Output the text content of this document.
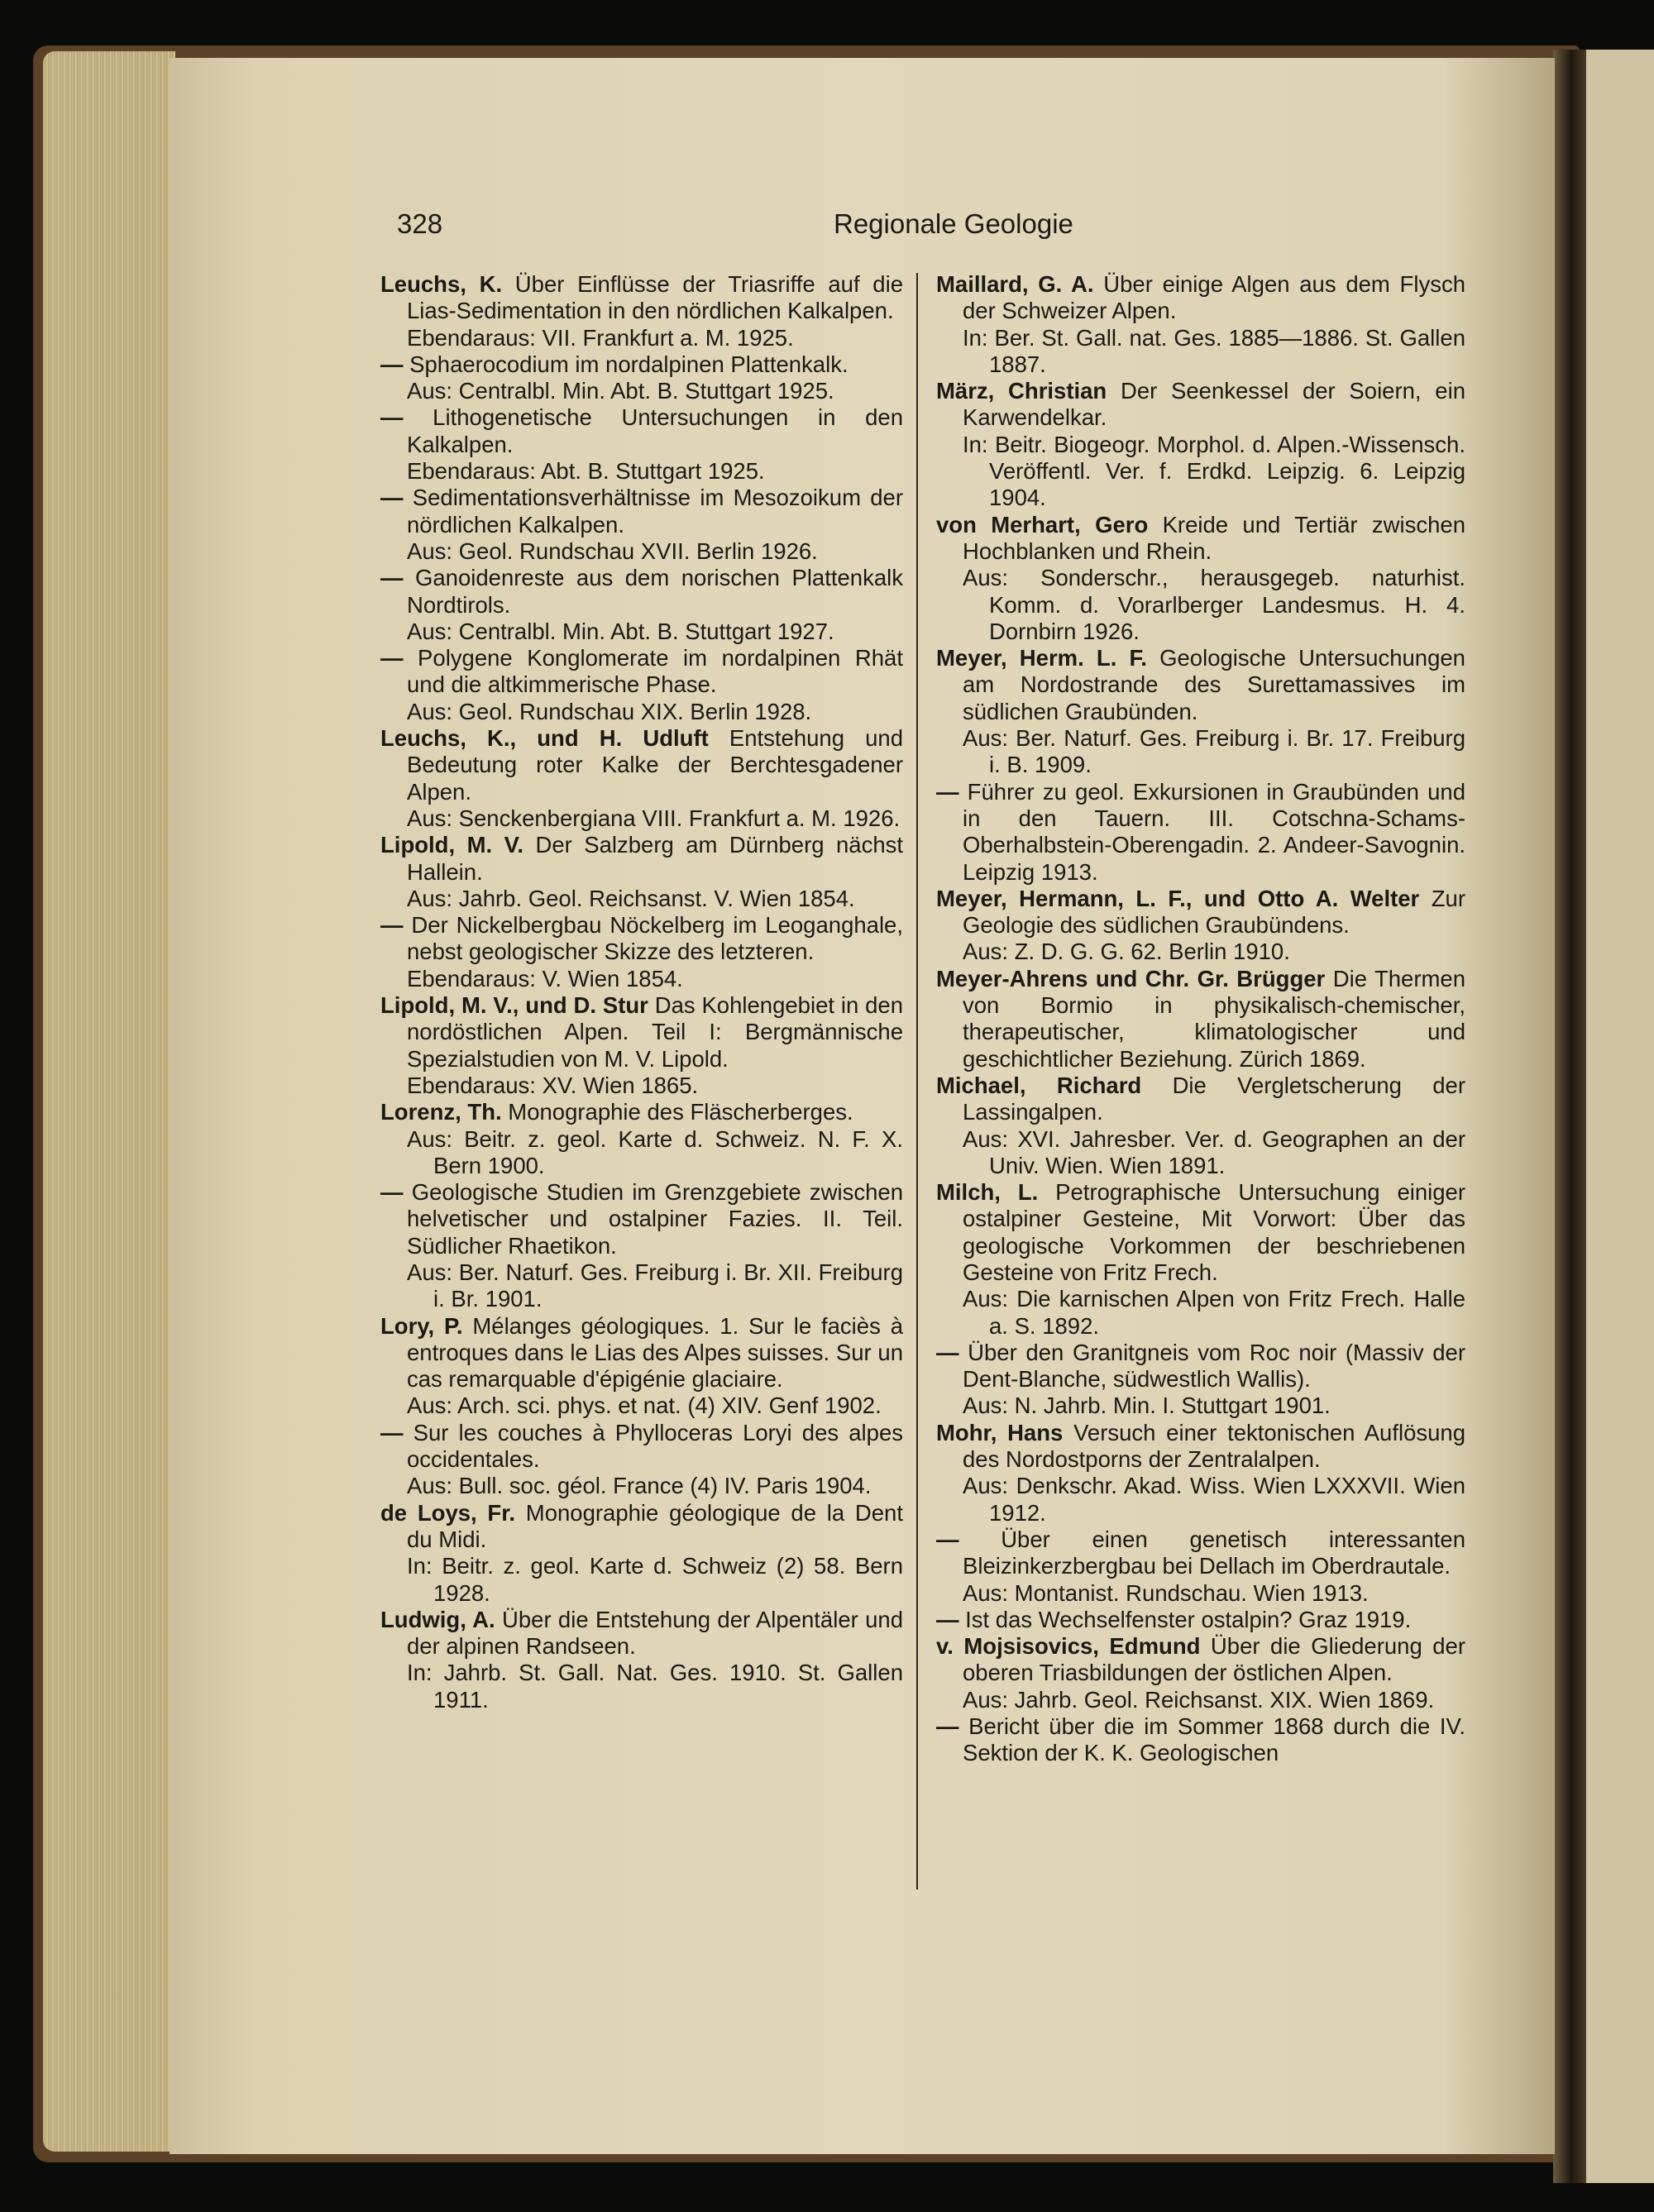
328	Regionale Geologie

Leuchs, K. Über Einflüsse der Triasriffe auf die Lias-Sedimentation in den nördlichen Kalkalpen.

Ebendaraus: VII. Frankfurt a. M. 1925.

— Sphaerocodium im nordalpinen Plattenkalk.

Aus: Centralbl. Min. Abt. B. Stuttgart 1925.

— Lithogenetische Untersuchungen in den Kalkalpen.

Ebendaraus: Abt. B. Stuttgart 1925.

— Sedimentationsverhältnisse im Mesozoikum der nördlichen Kalkalpen.

Aus: Geol. Rundschau XVII. Berlin 1926.

— Ganoidenreste aus dem norischen Plattenkalk Nordtirols.

Aus: Centralbl. Min. Abt. B. Stuttgart 1927.

— Polygene Konglomerate im nordalpinen Rhät und die altkimmerische Phase.

Aus: Geol. Rundschau XIX. Berlin 1928.

Leuchs, K., und H. Udluft Entstehung und Bedeutung roter Kalke der Berchtesgadener Alpen.

Aus: Senckenbergiana VIII. Frankfurt a. M. 1926.

Lipold, M. V. Der Salzberg am Dürnberg nächst Hallein.

Aus: Jahrb. Geol. Reichsanst. V. Wien 1854.

— Der Nickelbergbau Nöckelberg im Leoganghale, nebst geologischer Skizze des letzteren.

Ebendaraus: V. Wien 1854.

Lipold, M. V., und D. Stur Das Kohlengebiet in den nordöstlichen Alpen. Teil I: Bergmännische Spezialstudien von M. V. Lipold.

Ebendaraus: XV. Wien 1865.

Lorenz, Th. Monographie des Fläscherberges.

Aus: Beitr. z. geol. Karte d. Schweiz. N. F. X. Bern 1900.

— Geologische Studien im Grenzgebiete zwischen helvetischer und ostalpiner Fazies. II. Teil. Südlicher Rhaetikon.

Aus: Ber. Naturf. Ges. Freiburg i. Br. XII. Freiburg i. Br. 1901.

Lory, P. Mélanges géologiques. 1. Sur le faciès à entroques dans le Lias des Alpes suisses. Sur un cas remarquable d'épigénie glaciaire.

Aus: Arch. sci. phys. et nat. (4) XIV. Genf 1902.

— Sur les couches à Phylloceras Loryi des alpes occidentales.

Aus: Bull. soc. géol. France (4) IV. Paris 1904.

de Loys, Fr. Monographie géologique de la Dent du Midi.

In: Beitr. z. geol. Karte d. Schweiz (2) 58. Bern 1928.

Ludwig, A. Über die Entstehung der Alpentäler und der alpinen Randseen.

In: Jahrb. St. Gall. Nat. Ges. 1910. St. Gallen 1911.

Maillard, G. A. Über einige Algen aus dem Flysch der Schweizer Alpen.

In: Ber. St. Gall. nat. Ges. 1885—1886. St. Gallen 1887.

März, Christian Der Seenkessel der Soiern, ein Karwendelkar.

In: Beitr. Biogeogr. Morphol. d. Alpen.-Wissensch. Veröffentl. Ver. f. Erdkd. Leipzig. 6. Leipzig 1904.

von Merhart, Gero Kreide und Tertiär zwischen Hochblanken und Rhein.

Aus: Sonderschr., herausgegeb. naturhist. Komm. d. Vorarlberger Landesmus. H. 4. Dornbirn 1926.

Meyer, Herm. L. F. Geologische Untersuchungen am Nordostrande des Surettamassives im südlichen Graubünden.

Aus: Ber. Naturf. Ges. Freiburg i. Br. 17. Freiburg i. B. 1909.

— Führer zu geol. Exkursionen in Graubünden und in den Tauern. III. Cotschna-Schams-Oberhalbstein-Oberengadin. 2. Andeer-Savognin. Leipzig 1913.

Meyer, Hermann, L. F., und Otto A. Welter Zur Geologie des südlichen Graubündens.

Aus: Z. D. G. G. 62. Berlin 1910.

Meyer-Ahrens und Chr. Gr. Brügger Die Thermen von Bormio in physikalisch-chemischer, therapeutischer, klimatologischer und geschichtlicher Beziehung. Zürich 1869.

Michael, Richard Die Vergletscherung der Lassingalpen.

Aus: XVI. Jahresber. Ver. d. Geographen an der Univ. Wien. Wien 1891.

Milch, L. Petrographische Untersuchung einiger ostalpiner Gesteine, Mit Vorwort: Über das geologische Vorkommen der beschriebenen Gesteine von Fritz Frech.

Aus: Die karnischen Alpen von Fritz Frech. Halle a. S. 1892.

— Über den Granitgneis vom Roc noir (Massiv der Dent-Blanche, südwestlich Wallis).

Aus: N. Jahrb. Min. I. Stuttgart 1901.

Mohr, Hans Versuch einer tektonischen Auflösung des Nordostporns der Zentralalpen.

Aus: Denkschr. Akad. Wiss. Wien LXXXVII. Wien 1912.

— Über einen genetisch interessanten Bleizinkerzbergbau bei Dellach im Oberdrautale.

Aus: Montanist. Rundschau. Wien 1913.

— Ist das Wechselfenster ostalpin? Graz 1919.

v. Mojsisovics, Edmund Über die Gliederung der oberen Triasbildungen der östlichen Alpen.

Aus: Jahrb. Geol. Reichsanst. XIX. Wien 1869.

— Bericht über die im Sommer 1868 durch die IV. Sektion der K. K. Geologischen
